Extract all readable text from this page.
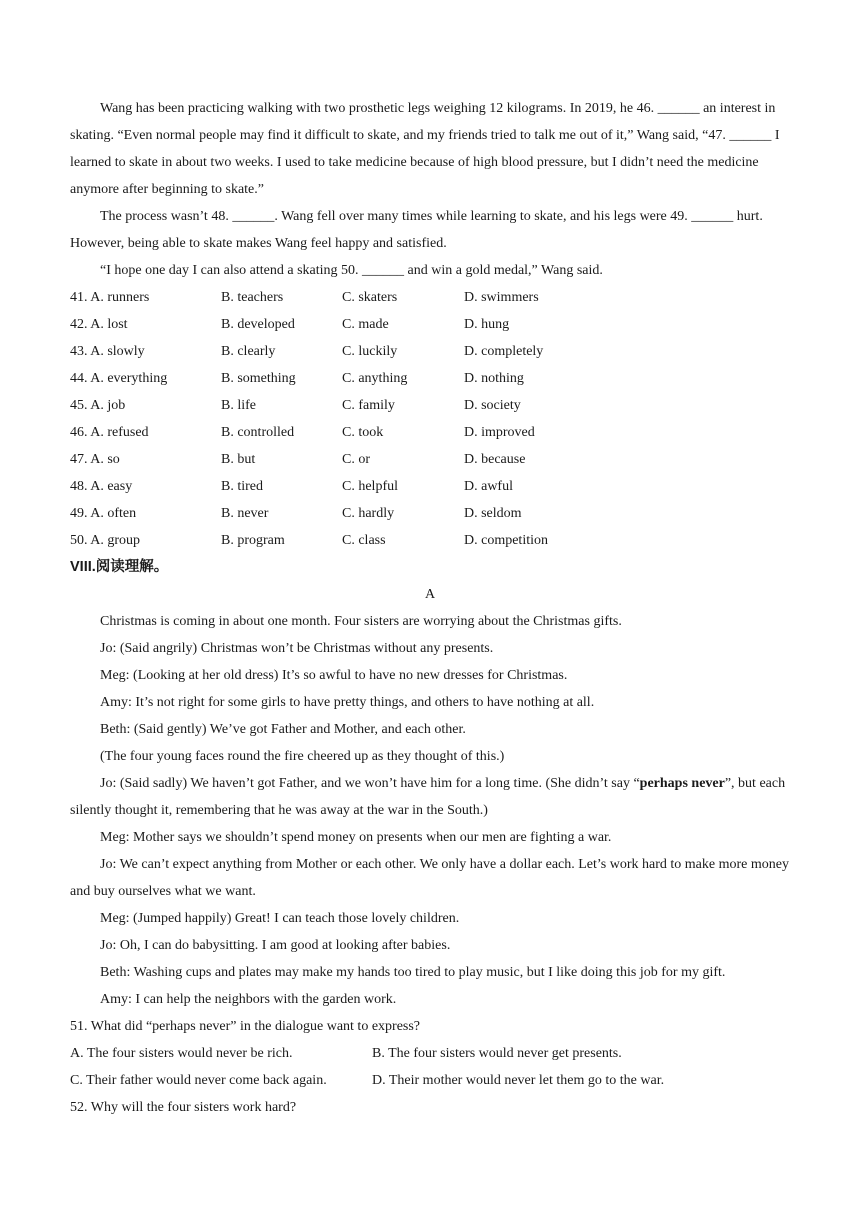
Wang has been practicing walking with two prosthetic legs weighing 12 kilograms. In 2019, he 46. ______ an interest in skating. “Even normal people may find it difficult to skate, and my friends tried to talk me out of it,” Wang said, “47. ______ I learned to skate in about two weeks. I used to take medicine because of high blood pressure, but I didn’t need the medicine anymore after beginning to skate.”

The process wasn’t 48. ______. Wang fell over many times while learning to skate, and his legs were 49. ______ hurt. However, being able to skate makes Wang feel happy and satisfied.

“I hope one day I can also attend a skating 50. ______ and win a gold medal,” Wang said.

41. A. runners	B. teachers	C. skaters	D. swimmers
42. A. lost	B. developed	C. made	D. hung
43. A. slowly	B. clearly	C. luckily	D. completely
44. A. everything	B. something	C. anything	D. nothing
45. A. job	B. life	C. family	D. society
46. A. refused	B. controlled	C. took	D. improved
47. A. so	B. but	C. or	D. because
48. A. easy	B. tired	C. helpful	D. awful
49. A. often	B. never	C. hardly	D. seldom
50. A. group	B. program	C. class	D. competition
VIII.阅读理解。
A

Christmas is coming in about one month. Four sisters are worrying about the Christmas gifts.

Jo: (Said angrily) Christmas won’t be Christmas without any presents.

Meg: (Looking at her old dress) It’s so awful to have no new dresses for Christmas.

Amy: It’s not right for some girls to have pretty things, and others to have nothing at all.

Beth: (Said gently) We’ve got Father and Mother, and each other.

(The four young faces round the fire cheered up as they thought of this.)

Jo: (Said sadly) We haven’t got Father, and we won’t have him for a long time. (She didn’t say “perhaps never”, but each silently thought it, remembering that he was away at the war in the South.)

Meg: Mother says we shouldn’t spend money on presents when our men are fighting a war.

Jo: We can’t expect anything from Mother or each other. We only have a dollar each. Let’s work hard to make more money and buy ourselves what we want.

Meg: (Jumped happily) Great! I can teach those lovely children.

Jo: Oh, I can do babysitting. I am good at looking after babies.

Beth: Washing cups and plates may make my hands too tired to play music, but I like doing this job for my gift.

Amy: I can help the neighbors with the garden work.

51. What did “perhaps never” in the dialogue want to express?
A. The four sisters would never be rich.	B. The four sisters would never get presents.
C. Their father would never come back again.	D. Their mother would never let them go to the war.
52. Why will the four sisters work hard?
